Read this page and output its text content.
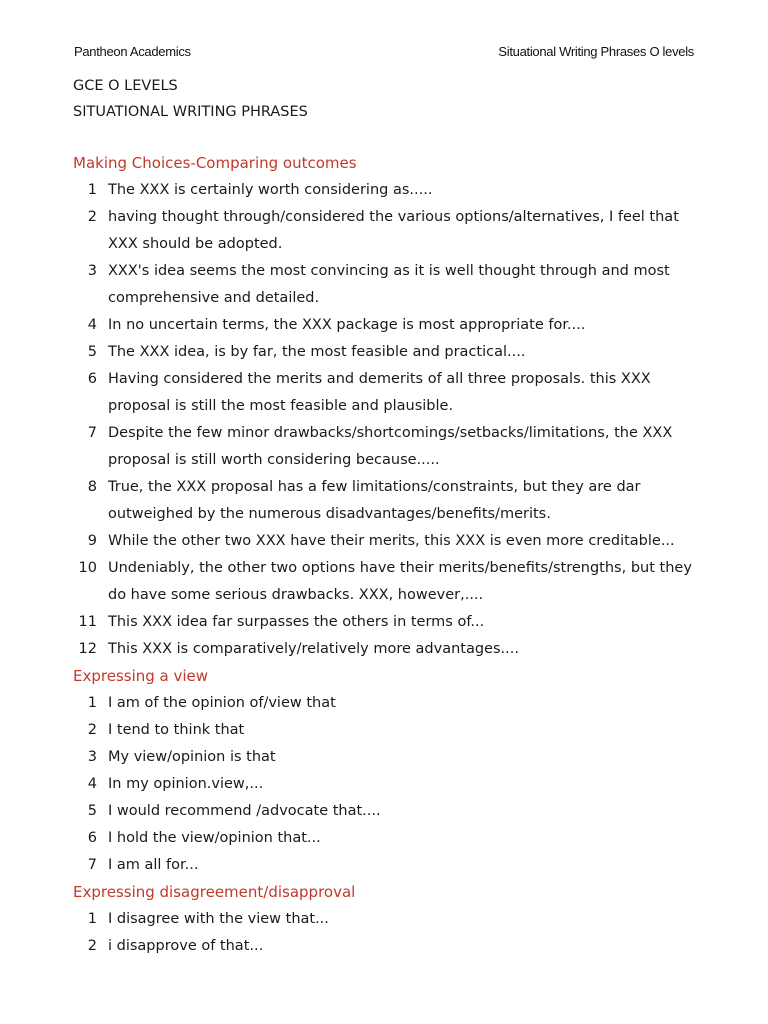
Pantheon Academics	Situational Writing Phrases O levels
GCE O LEVELS
SITUATIONAL WRITING PHRASES
Making Choices-Comparing outcomes
1 The XXX is certainly worth considering as.....
2 having thought through/considered the various options/alternatives, I feel that XXX should be adopted.
3 XXX's idea seems the most convincing as it is well thought through and most comprehensive and detailed.
4 In no uncertain terms, the XXX package is most appropriate for....
5 The XXX idea, is by far, the most feasible and practical....
6 Having considered the merits and demerits of all three proposals. this XXX proposal is still the most feasible and plausible.
7 Despite the few minor drawbacks/shortcomings/setbacks/limitations, the XXX proposal is still worth considering because.....
8 True, the XXX proposal has a few limitations/constraints, but they are dar outweighed by the numerous disadvantages/benefits/merits.
9 While the other two XXX have their merits, this XXX is even more creditable...
10 Undeniably, the other two options have their merits/benefits/strengths, but they do have some serious drawbacks. XXX, however,....
11 This XXX idea far surpasses the others in terms of...
12 This XXX is comparatively/relatively more advantages....
Expressing a view
1 I am of the opinion of/view that
2 I tend to think that
3 My view/opinion is that
4 In my opinion.view,...
5 I would recommend /advocate that....
6 I hold the view/opinion that...
7 I am all for...
Expressing disagreement/disapproval
1 I disagree with the view that...
2 i disapprove of that...
